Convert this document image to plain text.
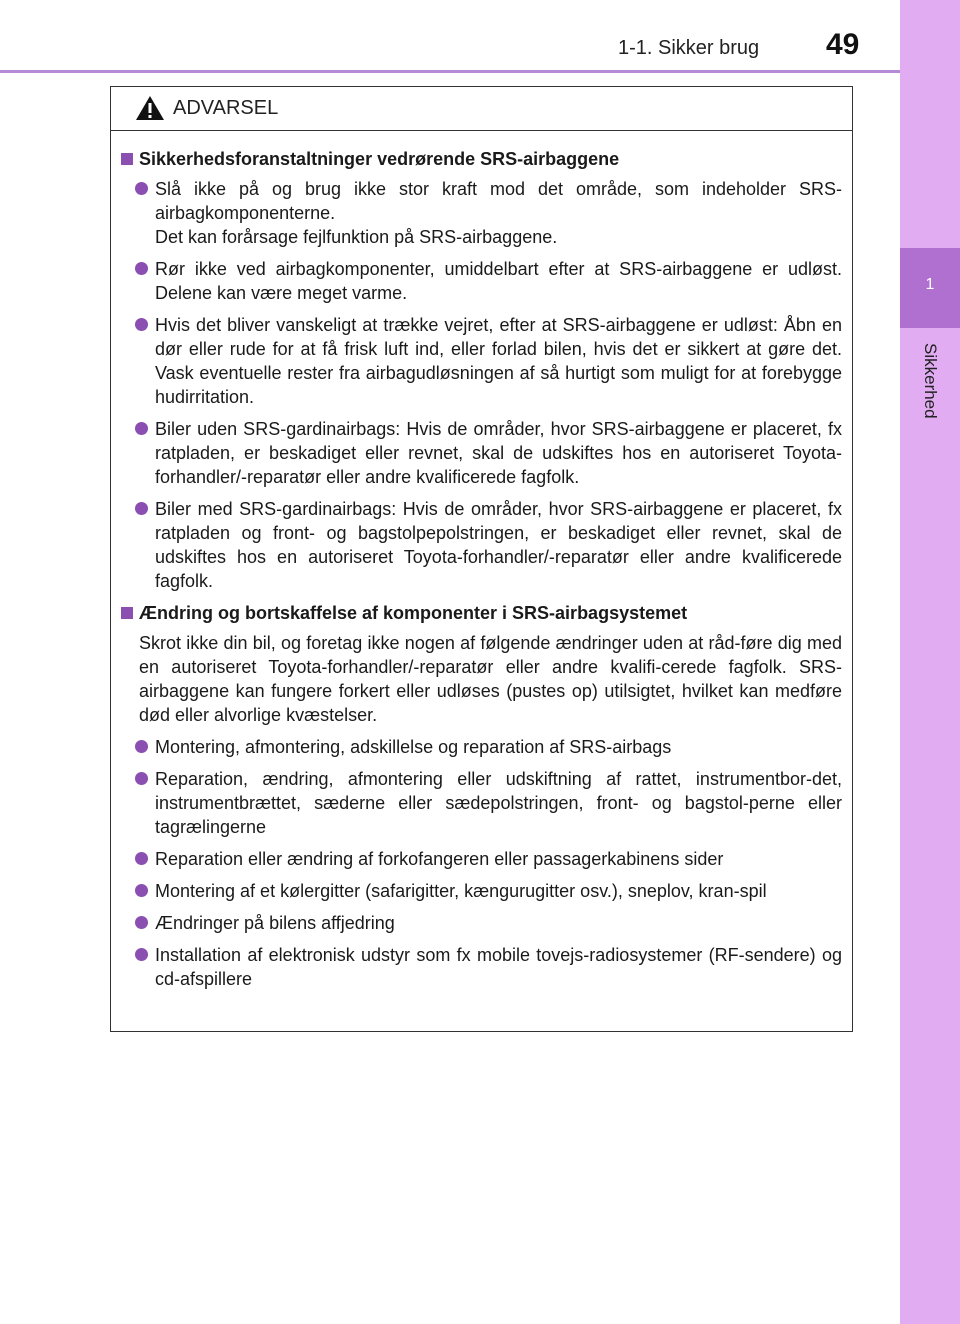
1-1. Sikker brug 49
1
Sikkerhed
ADVARSEL
Sikkerhedsforanstaltninger vedrørende SRS-airbaggene
Slå ikke på og brug ikke stor kraft mod det område, som indeholder SRS-airbagkomponenterne.
Det kan forårsage fejlfunktion på SRS-airbaggene.
Rør ikke ved airbagkomponenter, umiddelbart efter at SRS-airbaggene er udløst. Delene kan være meget varme.
Hvis det bliver vanskeligt at trække vejret, efter at SRS-airbaggene er udløst: Åbn en dør eller rude for at få frisk luft ind, eller forlad bilen, hvis det er sikkert at gøre det. Vask eventuelle rester fra airbagudløsningen af så hurtigt som muligt for at forebygge hudirritation.
Biler uden SRS-gardinairbags: Hvis de områder, hvor SRS-airbaggene er placeret, fx ratpladen, er beskadiget eller revnet, skal de udskiftes hos en autoriseret Toyota-forhandler/-reparatør eller andre kvalificerede fagfolk.
Biler med SRS-gardinairbags: Hvis de områder, hvor SRS-airbaggene er placeret, fx ratpladen og front- og bagstolpepolstringen, er beskadiget eller revnet, skal de udskiftes hos en autoriseret Toyota-forhandler/-reparatør eller andre kvalificerede fagfolk.
Ændring og bortskaffelse af komponenter i SRS-airbagsystemet
Skrot ikke din bil, og foretag ikke nogen af følgende ændringer uden at råd-føre dig med en autoriseret Toyota-forhandler/-reparatør eller andre kvalifi-cerede fagfolk. SRS-airbaggene kan fungere forkert eller udløses (pustes op) utilsigtet, hvilket kan medføre død eller alvorlige kvæstelser.
Montering, afmontering, adskillelse og reparation af SRS-airbags
Reparation, ændring, afmontering eller udskiftning af rattet, instrumentbor-det, instrumentbrættet, sæderne eller sædepolstringen, front- og bagstol-perne eller tagrælingerne
Reparation eller ændring af forkofangeren eller passagerkabinens sider
Montering af et kølergitter (safarigitter, kængurugitter osv.), sneplov, kran-spil
Ændringer på bilens affjedring
Installation af elektronisk udstyr som fx mobile tovejs-radiosystemer (RF-sendere) og cd-afspillere
